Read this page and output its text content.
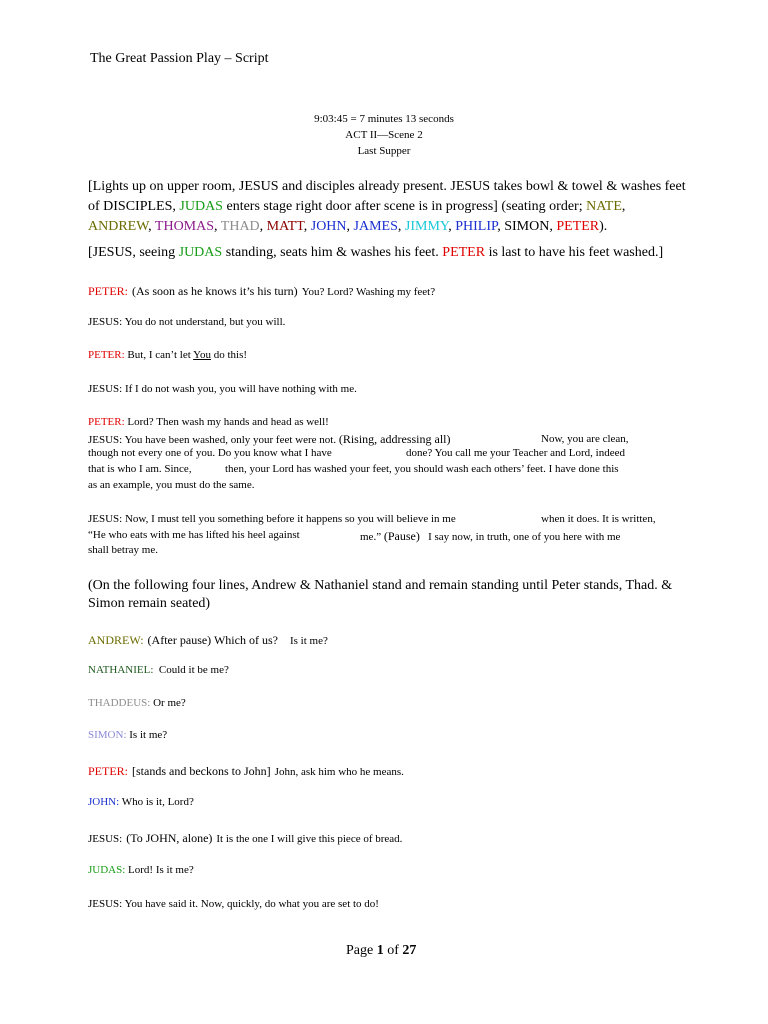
The Great Passion Play – Script
9:03:45 = 7 minutes 13 seconds
ACT II—Scene 2
Last Supper
[Lights up on upper room, JESUS and disciples already present. JESUS takes bowl & towel & washes feet of DISCIPLES, JUDAS enters stage right door after scene is in progress] (seating order; NATE, ANDREW, THOMAS, THAD, MATT, JOHN, JAMES, JIMMY, PHILIP, SIMON, PETER).
[JESUS, seeing JUDAS standing, seats him & washes his feet. PETER is last to have his feet washed.]
PETER: (As soon as he knows it’s his turn) You? Lord? Washing my feet?
JESUS: You do not understand, but you will.
PETER: But, I can’t let You do this!
JESUS: If I do not wash you, you will have nothing with me.
PETER: Lord? Then wash my hands and head as well!
JESUS: You have been washed, only your feet were not. (Rising, addressing all)	Now, you are clean,
though not every one of you. Do you know what I have	done? You call me your Teacher and Lord, indeed
that is who I am. Since,	then, your Lord has washed your feet, you should wash each others’ feet. I have done this
as an example, you must do the same.
JESUS: Now, I must tell you something before it happens so you will believe in me	when it does. It is written,
“He who eats with me has lifted his heel against	me.” (Pause) I say now, in truth, one of you here with me
shall betray me.
(On the following four lines, Andrew & Nathaniel stand and remain standing until Peter stands, Thad. & Simon remain seated)
ANDREW: (After pause) Which of us? Is it me?
NATHANIEL: Could it be me?
THADDEUS: Or me?
SIMON: Is it me?
PETER: [stands and beckons to John] John, ask him who he means.
JOHN: Who is it, Lord?
JESUS: (To JOHN, alone) It is the one I will give this piece of bread.
JUDAS: Lord! Is it me?
JESUS: You have said it. Now, quickly, do what you are set to do!
Page 1 of 27
